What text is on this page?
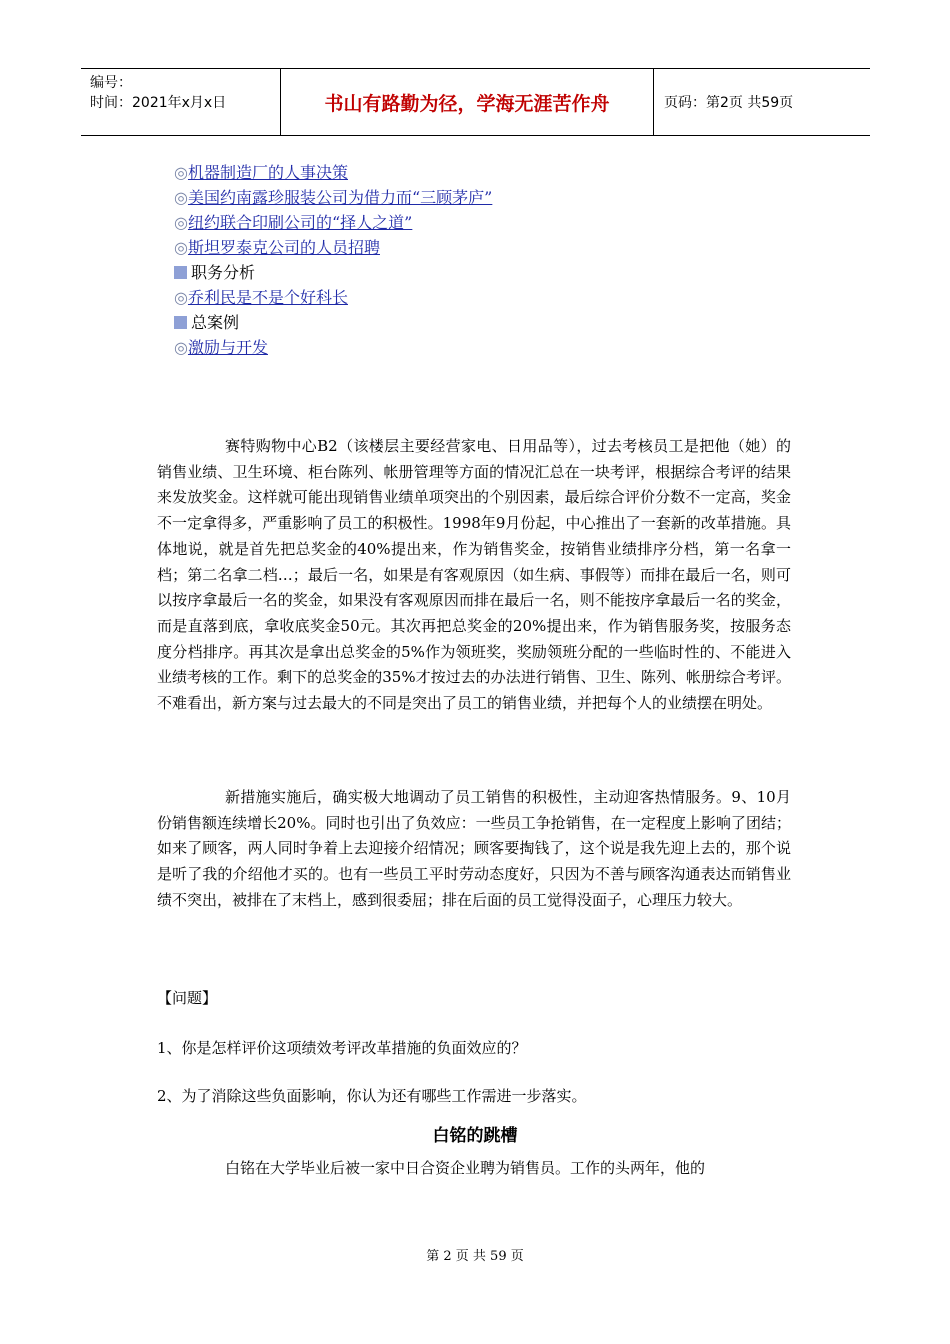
编号：
时间：2021年x月x日	书山有路勤为径，学海无涯苦作舟	页码：第2页 共59页
◎机器制造厂的人事决策
◎美国约南露珍服装公司为借力而“三顾茅庐”
◎纽约联合印刷公司的“择人之道”
◎斯坦罗泰克公司的人员招聘
职务分析
◎乔利民是不是个好科长
总案例
◎激励与开发

赛特购物中心B2（该楼层主要经营家电、日用品等），过去考核员工是把他（她）的销售业绩、卫生环境、柜台陈列、帐册管理等方面的情况汇总在一块考评，根据综合考评的结果来发放奖金。这样就可能出现销售业绩单项突出的个别因素，最后综合评价分数不一定高，奖金不一定拿得多，严重影响了员工的积极性。1998年9月份起，中心推出了一套新的改革措施。具体地说，就是首先把总奖金的40%提出来，作为销售奖金，按销售业绩排序分档，第一名拿一档；第二名拿二档…；最后一名，如果是有客观原因（如生病、事假等）而排在最后一名，则可以按序拿最后一名的奖金，如果没有客观原因而排在最后一名，则不能按序拿最后一名的奖金，而是直落到底，拿收底奖金50元。其次再把总奖金的20%提出来，作为销售服务奖，按服务态度分档排序。再其次是拿出总奖金的5%作为领班奖，奖励领班分配的一些临时性的、不能进入业绩考核的工作。剩下的总奖金的35%才按过去的办法进行销售、卫生、陈列、帐册综合考评。不难看出，新方案与过去最大的不同是突出了员工的销售业绩，并把每个人的业绩摆在明处。

新措施实施后，确实极大地调动了员工销售的积极性，主动迎客热情服务。9、10月份销售额连续增长20%。同时也引出了负效应：一些员工争抢销售，在一定程度上影响了团结；如来了顾客，两人同时争着上去迎接介绍情况；顾客要掏钱了，这个说是我先迎上去的，那个说是听了我的介绍他才买的。也有一些员工平时劳动态度好，只因为不善与顾客沟通表达而销售业绩不突出，被排在了末档上，感到很委屈；排在后面的员工觉得没面子，心理压力较大。

【问题】
1、你是怎样评价这项绩效考评改革措施的负面效应的？
2、为了消除这些负面影响，你认为还有哪些工作需进一步落实。
白铭的跳槽

白铭在大学毕业后被一家中日合资企业聘为销售员。工作的头两年，他的

第 2 页 共 59 页
